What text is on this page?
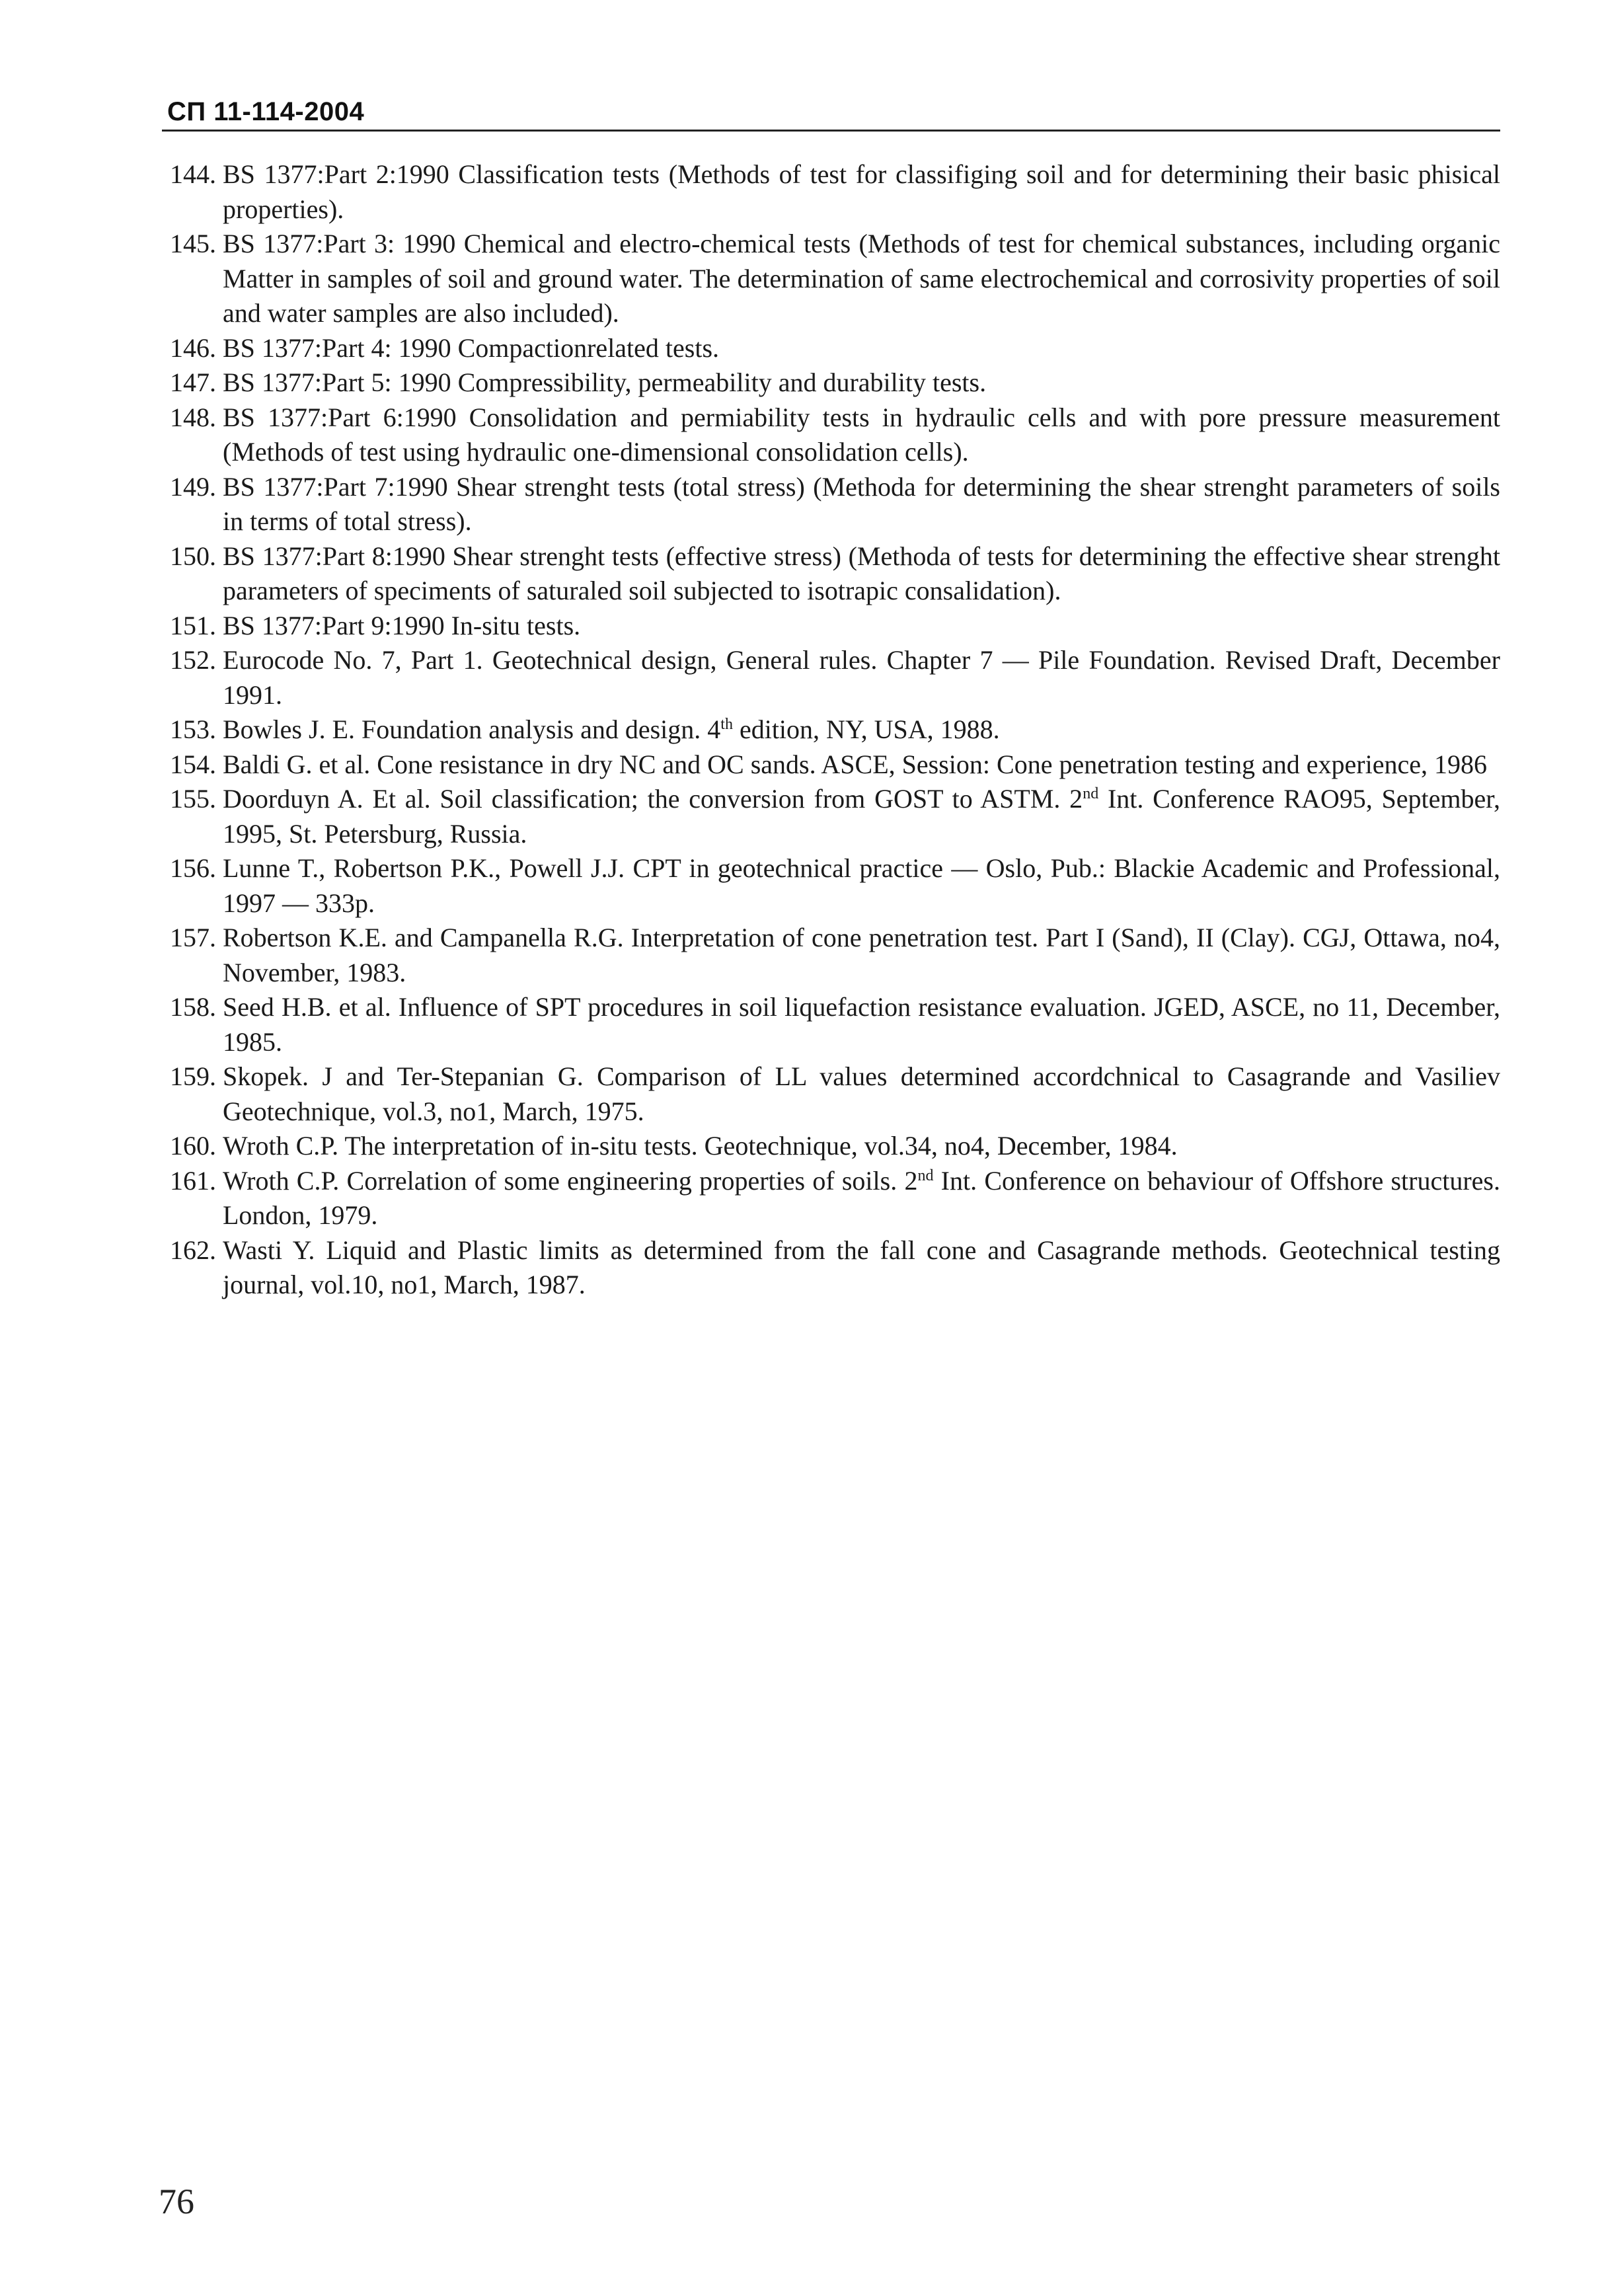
СП 11-114-2004
144. BS 1377:Part 2:1990 Classification tests (Methods of test for classifiging soil and for determining their basic phisical properties).
145. BS 1377:Part 3: 1990 Chemical and electro-chemical tests (Methods of test for chemical substances, including organic Matter in samples of soil and ground water. The determination of same electrochemical and corrosivity properties of soil and water samples are also included).
146. BS 1377:Part 4: 1990 Compactionrelated tests.
147. BS 1377:Part 5: 1990 Compressibility, permeability and durability tests.
148. BS 1377:Part 6:1990 Consolidation and permiability tests in hydraulic cells and with pore pressure measurement (Methods of test using hydraulic one-dimensional consolidation cells).
149. BS 1377:Part 7:1990 Shear strenght tests (total stress) (Methoda for determining the shear strenght parameters of soils in terms of total stress).
150. BS 1377:Part 8:1990 Shear strenght tests (effective stress) (Methoda of tests for determining the effective shear strenght parameters of speciments of saturaled soil subjected to isotrapic consalidation).
151. BS 1377:Part 9:1990 In-situ tests.
152. Eurocode No. 7, Part 1. Geotechnical design, General rules. Chapter 7 — Pile Foundation. Revised Draft, December 1991.
153. Bowles J. E. Foundation analysis and design. 4th edition, NY, USA, 1988.
154. Baldi G. et al. Cone resistance in dry NC and OC sands. ASCE, Session: Cone penetration testing and experience, 1986
155. Doorduyn A. Et al. Soil classification; the conversion from GOST to ASTM. 2nd Int. Conference RAO95, September, 1995, St. Petersburg, Russia.
156. Lunne T., Robertson P.K., Powell J.J. CPT in geotechnical practice — Oslo, Pub.: Blackie Academic and Professional, 1997 — 333p.
157. Robertson K.E. and Campanella R.G. Interpretation of cone penetration test. Part I (Sand), II (Clay). CGJ, Ottawa, no4, November, 1983.
158. Seed H.B. et al. Influence of SPT procedures in soil liquefaction resistance evaluation. JGED, ASCE, no 11, December, 1985.
159. Skopek. J and Ter-Stepanian G. Comparison of LL values determined accordchnical to Casagrande and Vasiliev Geotechnique, vol.3, no1, March, 1975.
160. Wroth C.P. The interpretation of in-situ tests. Geotechnique, vol.34, no4, December, 1984.
161. Wroth C.P. Correlation of some engineering properties of soils. 2nd Int. Conference on behaviour of Offshore structures. London, 1979.
162. Wasti Y. Liquid and Plastic limits as determined from the fall cone and Casagrande methods. Geotechnical testing journal, vol.10, no1, March, 1987.
76
